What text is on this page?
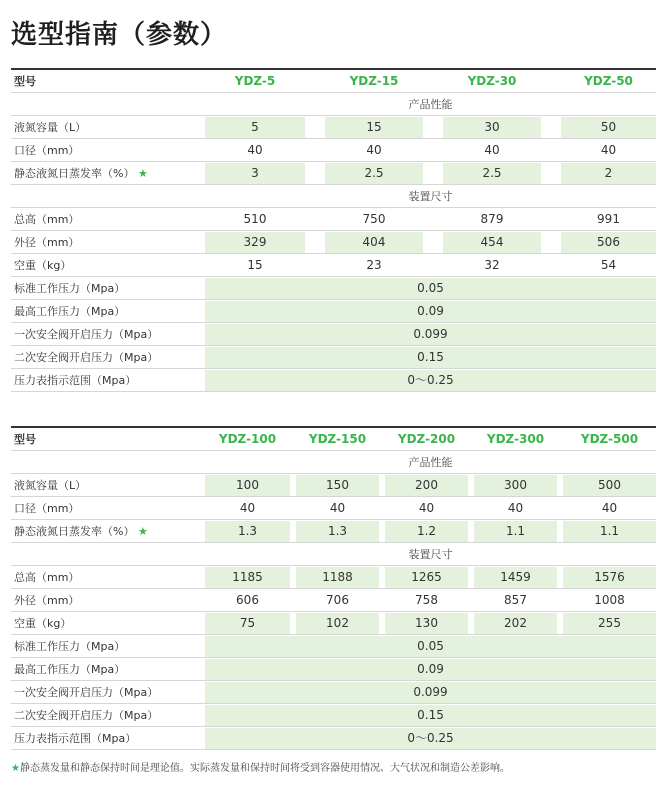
选型指南（参数）
型号	YDZ-5	YDZ-15	YDZ-30	YDZ-50
产品性能
液氮容量（L）	5	15	30	50
口径（mm）	40	40	40	40
静态液氮日蒸发率（%） ★	3	2.5	2.5	2
装置尺寸
总高（mm）	510	750	879	991
外径（mm）	329	404	454	506
空重（kg）	15	23	32	54
标准工作压力（Mpa）	0.05
最高工作压力（Mpa）	0.09
一次安全阀开启压力（Mpa）	0.099
二次安全阀开启压力（Mpa）	0.15
压力表指示范围（Mpa）	0～0.25
型号	YDZ-100	YDZ-150	YDZ-200	YDZ-300	YDZ-500
产品性能
液氮容量（L）	100	150	200	300	500
口径（mm）	40	40	40	40	40
静态液氮日蒸发率（%） ★	1.3	1.3	1.2	1.1	1.1
装置尺寸
总高（mm）	1185	1188	1265	1459	1576
外径（mm）	606	706	758	857	1008
空重（kg）	75	102	130	202	255
标准工作压力（Mpa）	0.05
最高工作压力（Mpa）	0.09
一次安全阀开启压力（Mpa）	0.099
二次安全阀开启压力（Mpa）	0.15
压力表指示范围（Mpa）	0～0.25
★静态蒸发量和静态保持时间是理论值。实际蒸发量和保持时间将受到容器使用情况、大气状况和制造公差影响。
